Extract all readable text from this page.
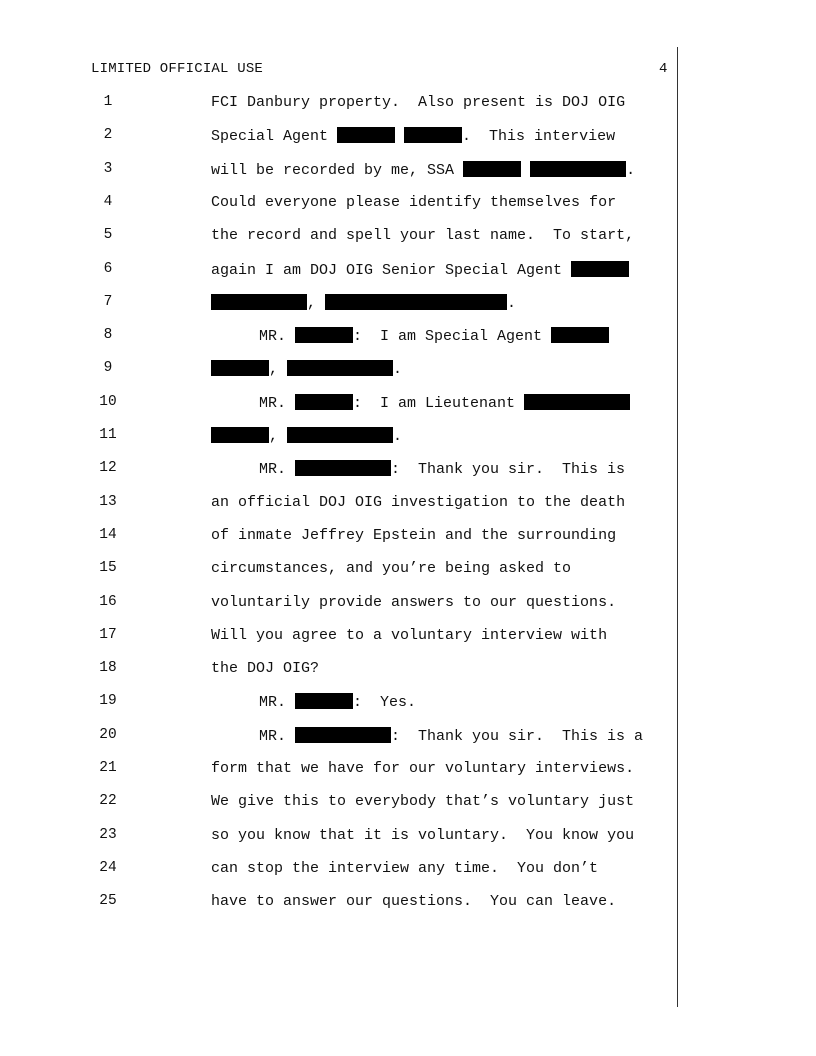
LIMITED OFFICIAL USE	4
1	FCI Danbury property.  Also present is DOJ OIG
2	Special Agent	.  This interview
3	will be recorded by me, SSA	.
4	Could everyone please identify themselves for
5	the record and spell your last name.  To start,
6	again I am DOJ OIG Senior Special Agent
7	,	.
8	MR.	:  I am Special Agent
9	,	.
10	MR.	:  I am Lieutenant
11	,	.
12	MR.	:  Thank you sir.  This is
13	an official DOJ OIG investigation to the death
14	of inmate Jeffrey Epstein and the surrounding
15	circumstances, and you’re being asked to
16	voluntarily provide answers to our questions.
17	Will you agree to a voluntary interview with
18	the DOJ OIG?
19	MR.	:  Yes.
20	MR.	:  Thank you sir.  This is a
21	form that we have for our voluntary interviews.
22	We give this to everybody that’s voluntary just
23	so you know that it is voluntary.  You know you
24	can stop the interview any time.  You don’t
25	have to answer our questions.  You can leave.
